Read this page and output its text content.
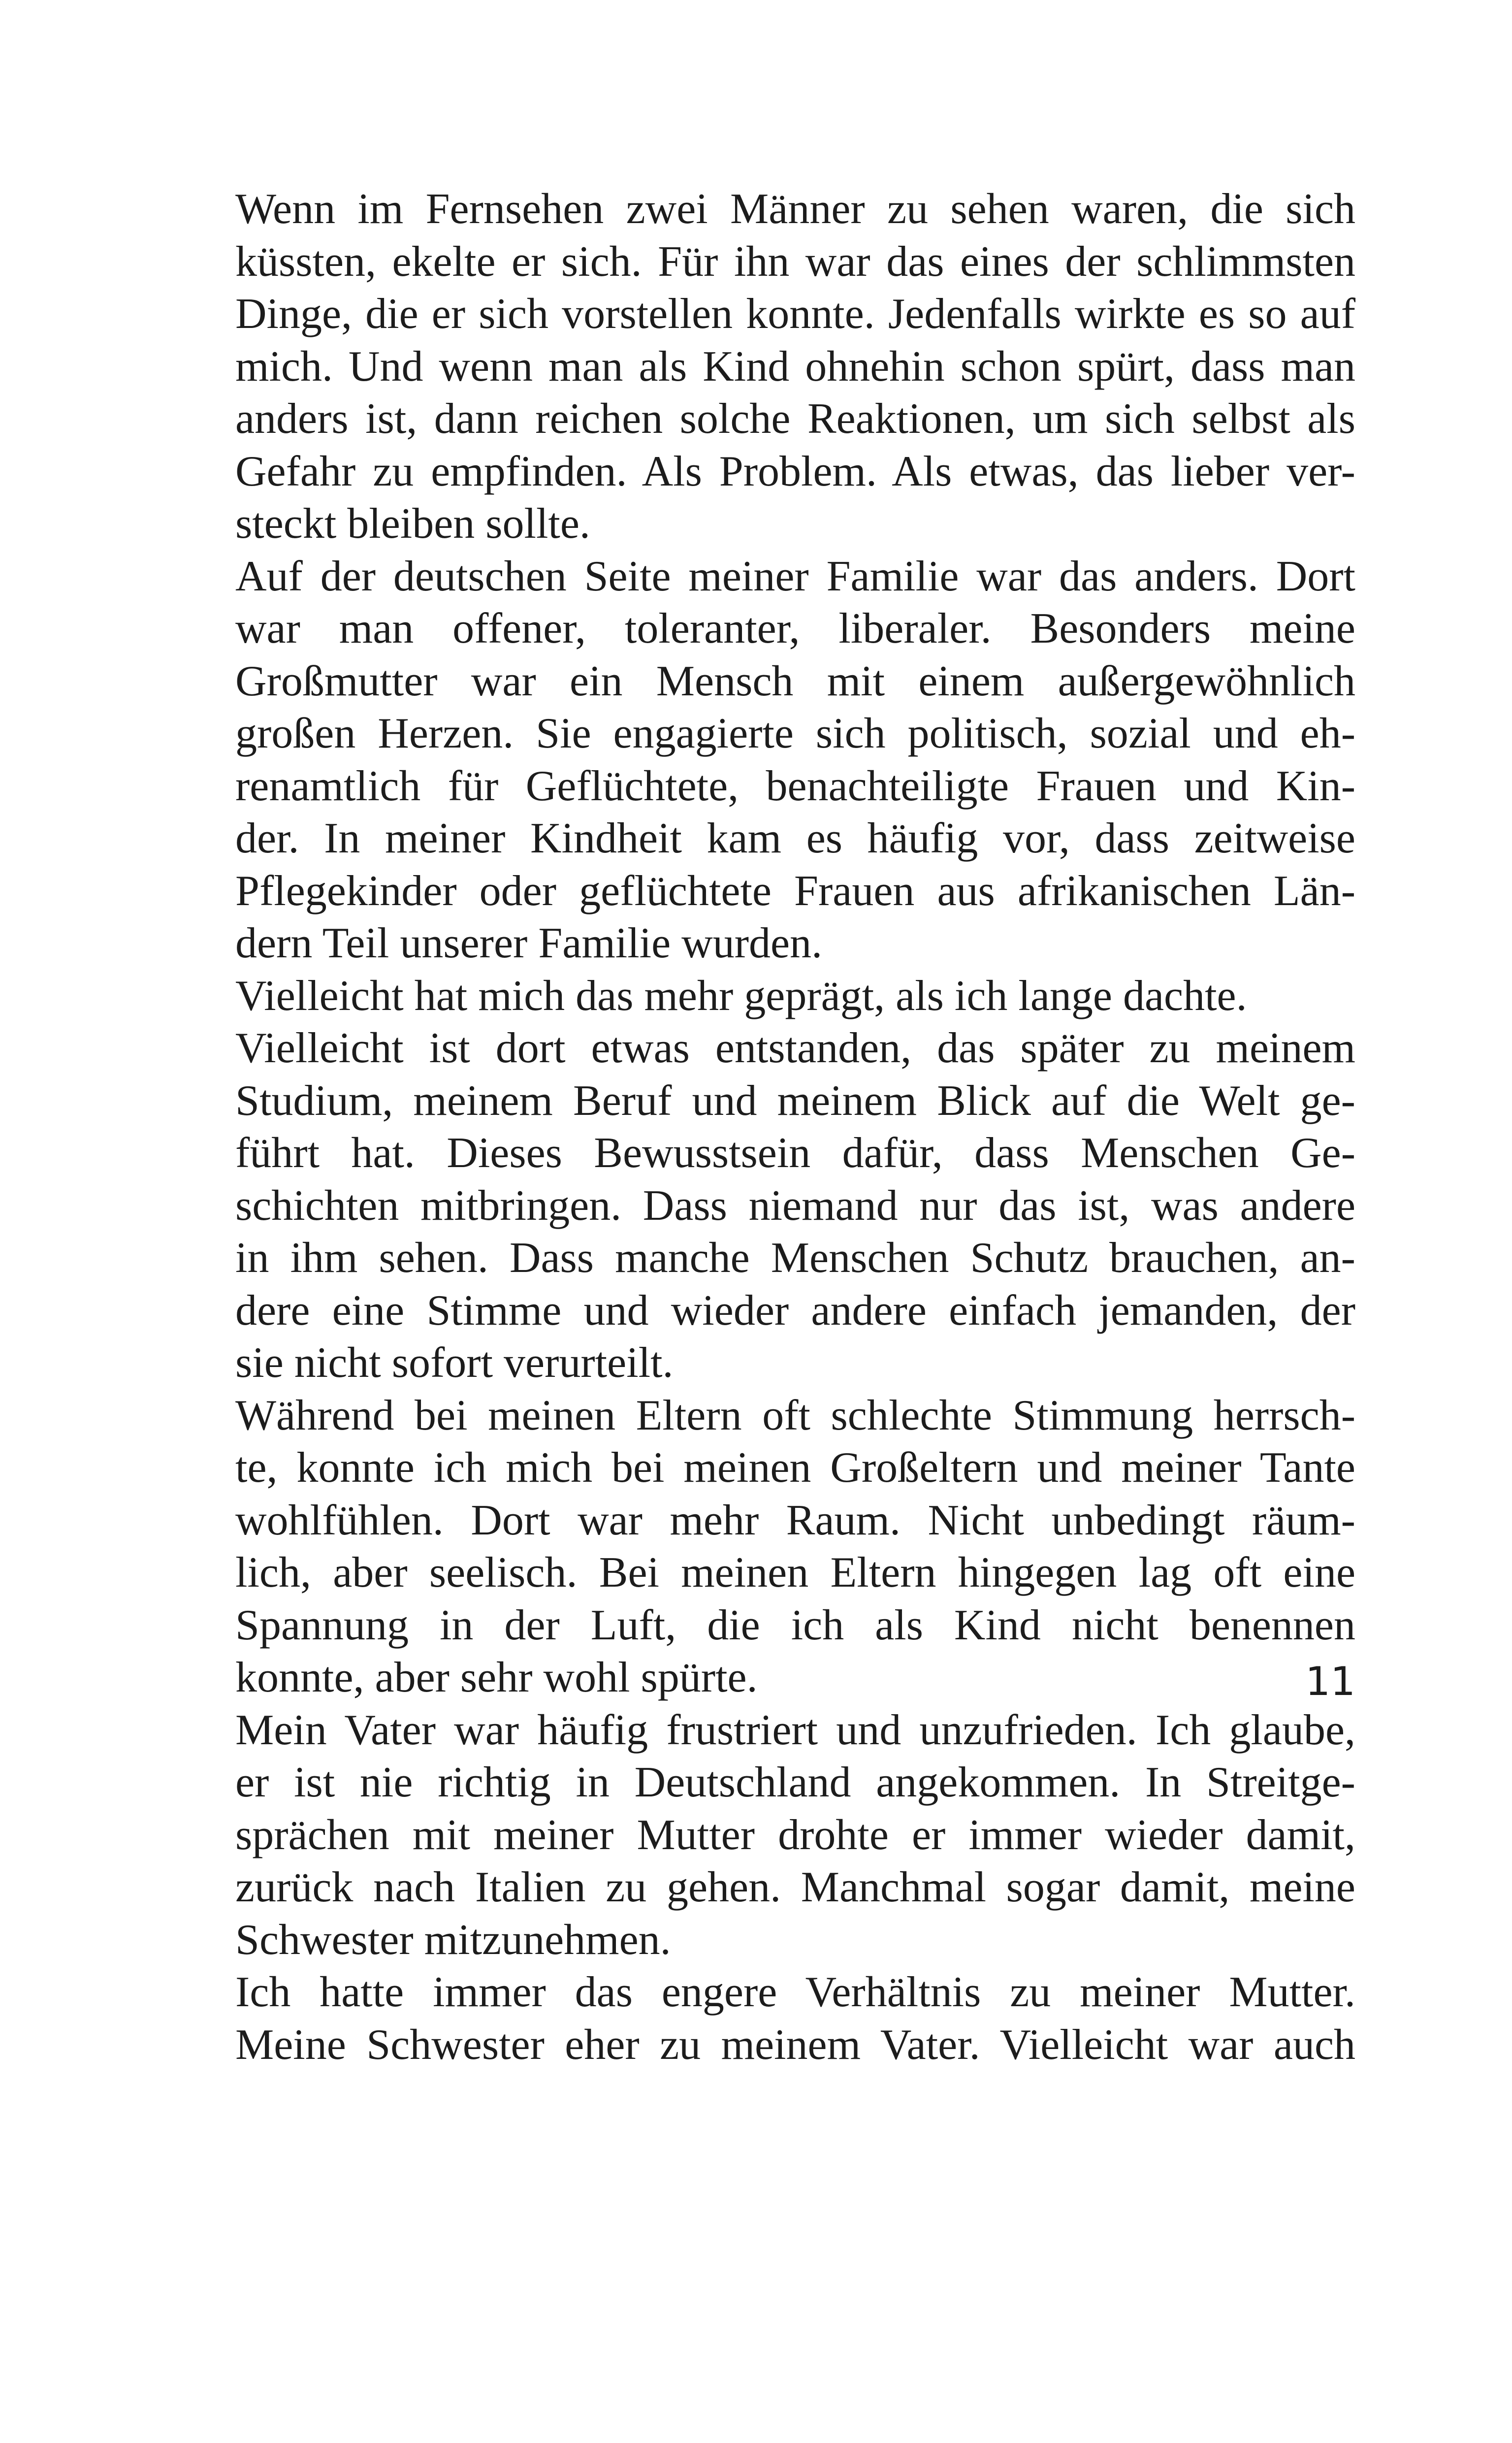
Wenn im Fernsehen zwei Männer zu sehen waren, die sich
küssten, ekelte er sich. Für ihn war das eines der schlimmsten
Dinge, die er sich vorstellen konnte. Jedenfalls wirkte es so auf
mich. Und wenn man als Kind ohnehin schon spürt, dass man
anders ist, dann reichen solche Reaktionen, um sich selbst als
Gefahr zu empfinden. Als Problem. Als etwas, das lieber ver-
steckt bleiben sollte.
Auf der deutschen Seite meiner Familie war das anders. Dort
war man offener, toleranter, liberaler. Besonders meine
Großmutter war ein Mensch mit einem außergewöhnlich
großen Herzen. Sie engagierte sich politisch, sozial und eh-
renamtlich für Geflüchtete, benachteiligte Frauen und Kin-
der. In meiner Kindheit kam es häufig vor, dass zeitweise
Pflegekinder oder geflüchtete Frauen aus afrikanischen Län-
dern Teil unserer Familie wurden.
Vielleicht hat mich das mehr geprägt, als ich lange dachte.
Vielleicht ist dort etwas entstanden, das später zu meinem
Studium, meinem Beruf und meinem Blick auf die Welt ge-
führt hat. Dieses Bewusstsein dafür, dass Menschen Ge-
schichten mitbringen. Dass niemand nur das ist, was andere
in ihm sehen. Dass manche Menschen Schutz brauchen, an-
dere eine Stimme und wieder andere einfach jemanden, der
sie nicht sofort verurteilt.
Während bei meinen Eltern oft schlechte Stimmung herrsch-
te, konnte ich mich bei meinen Großeltern und meiner Tante
wohlfühlen. Dort war mehr Raum. Nicht unbedingt räum-
lich, aber seelisch. Bei meinen Eltern hingegen lag oft eine
Spannung in der Luft, die ich als Kind nicht benennen
konnte, aber sehr wohl spürte.
Mein Vater war häufig frustriert und unzufrieden. Ich glaube,
er ist nie richtig in Deutschland angekommen. In Streitge-
sprächen mit meiner Mutter drohte er immer wieder damit,
zurück nach Italien zu gehen. Manchmal sogar damit, meine
Schwester mitzunehmen.
Ich hatte immer das engere Verhältnis zu meiner Mutter.
Meine Schwester eher zu meinem Vater. Vielleicht war auch
11
